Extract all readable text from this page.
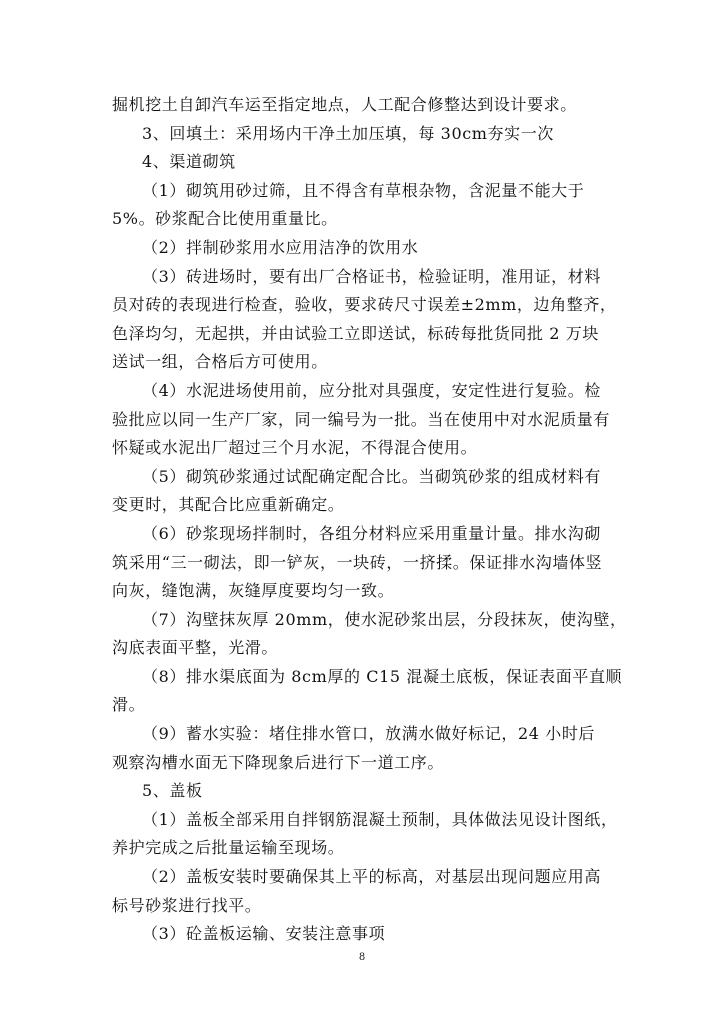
掘机挖土自卸汽车运至指定地点，人工配合修整达到设计要求。
3、回填土：采用场内干净土加压填，每 30cm夯实一次
4、渠道砌筑
（1）砌筑用砂过筛，且不得含有草根杂物，含泥量不能大于
5%。砂浆配合比使用重量比。
（2）拌制砂浆用水应用洁净的饮用水
（3）砖进场时，要有出厂合格证书，检验证明，准用证，材料
员对砖的表现进行检查，验收，要求砖尺寸误差±2mm，边角整齐，
色泽均匀，无起拱，并由试验工立即送试，标砖每批货同批 2 万块
送试一组，合格后方可使用。
（4）水泥进场使用前，应分批对具强度，安定性进行复验。检
验批应以同一生产厂家，同一编号为一批。当在使用中对水泥质量有
怀疑或水泥出厂超过三个月水泥，不得混合使用。
（5）砌筑砂浆通过试配确定配合比。当砌筑砂浆的组成材料有
变更时，其配合比应重新确定。
（6）砂浆现场拌制时，各组分材料应采用重量计量。排水沟砌
筑采用“三一砌法，即一铲灰，一块砖，一挤揉。保证排水沟墙体竖
向灰，缝饱满，灰缝厚度要均匀一致。
（7）沟壁抹灰厚 20mm，使水泥砂浆出层，分段抹灰，使沟壁，
沟底表面平整，光滑。
（8）排水渠底面为 8cm厚的 C15 混凝土底板，保证表面平直顺
滑。
（9）蓄水实验：堵住排水管口，放满水做好标记，24 小时后
观察沟槽水面无下降现象后进行下一道工序。
5、盖板
（1）盖板全部采用自拌钢筋混凝土预制，具体做法见设计图纸，
养护完成之后批量运输至现场。
（2）盖板安装时要确保其上平的标高，对基层出现问题应用高
标号砂浆进行找平。
（3）砼盖板运输、安装注意事项
8
